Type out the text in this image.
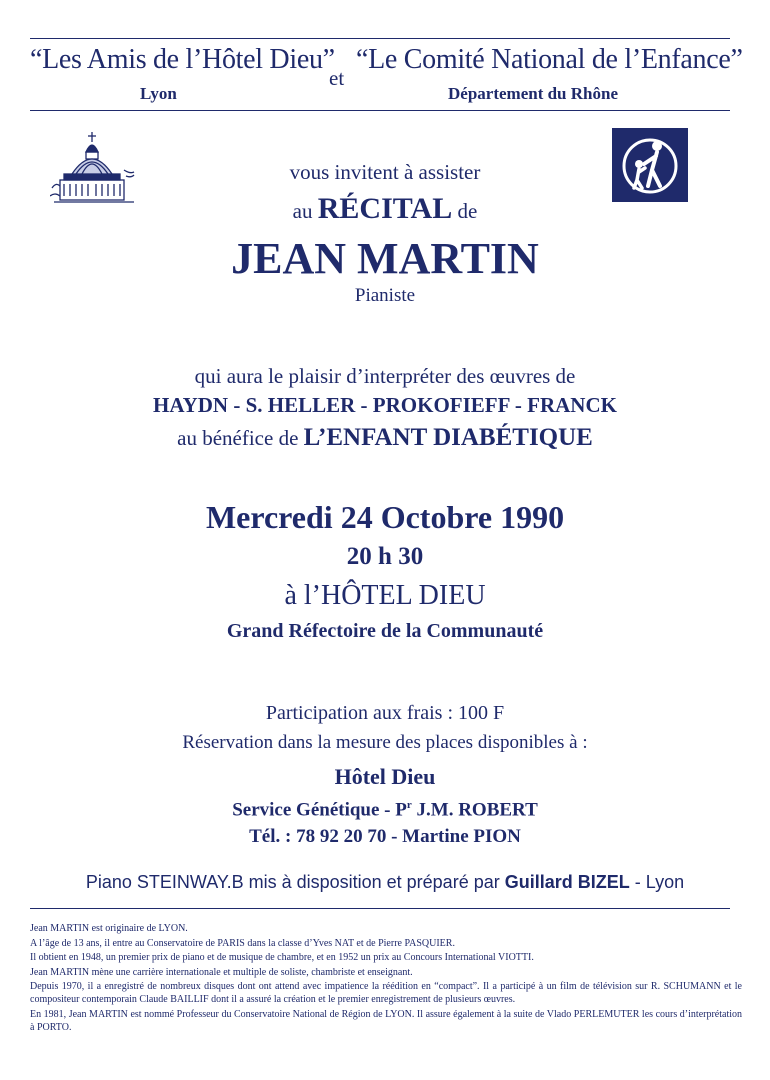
“Les Amis de l’Hôtel Dieu”
Lyon
et
“Le Comité National de l’Enfance”
Département du Rhône
vous invitent à assister
au RÉCITAL de
JEAN MARTIN
Pianiste
qui aura le plaisir d’interpréter des œuvres de
HAYDN - S. HELLER - PROKOFIEFF - FRANCK
au bénéfice de L’ENFANT DIABÉTIQUE
Mercredi 24 Octobre 1990
20 h 30
à l’HÔTEL DIEU
Grand Réfectoire de la Communauté
Participation aux frais : 100 F
Réservation dans la mesure des places disponibles à :
Hôtel Dieu
Service Génétique - $P^r$ J.M. ROBERT
Tél. : 78 92 20 70 - Martine PION
Piano STEINWAY.B mis à disposition et préparé par Guillard BIZEL - Lyon

Jean MARTIN est originaire de LYON.

A l’âge de 13 ans, il entre au Conservatoire de PARIS dans la classe d’Yves NAT et de Pierre PASQUIER.

Il obtient en 1948, un premier prix de piano et de musique de chambre, et en 1952 un prix au Concours International VIOTTI.

Jean MARTIN mène une carrière internationale et multiple de soliste, chambriste et enseignant.

Depuis 1970, il a enregistré de nombreux disques dont ont attend avec impatience la réédition en “compact”. Il a participé à un film de télévision sur R. SCHUMANN et le compositeur contemporain Claude BAILLIF dont il a assuré la création et le premier enregistrement de plusieurs œuvres.

En 1981, Jean MARTIN est nommé Professeur du Conservatoire National de Région de LYON. Il assure également à la suite de Vlado PERLEMUTER les cours d’interprétation à PORTO.
